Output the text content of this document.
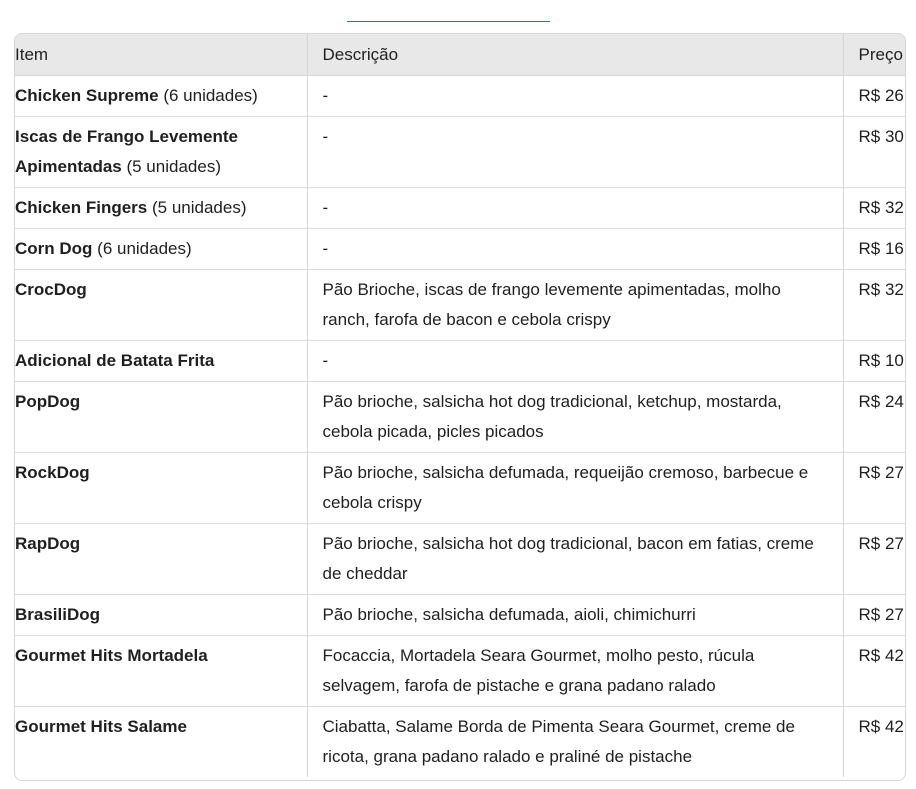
Item	Descrição	Preço
Chicken Supreme (6 unidades)	-	R$ 26
Iscas de Frango Levemente Apimentadas (5 unidades)	-	R$ 30
Chicken Fingers (5 unidades)	-	R$ 32
Corn Dog (6 unidades)	-	R$ 16
CrocDog	Pão Brioche, iscas de frango levemente apimentadas, molho ranch, farofa de bacon e cebola crispy	R$ 32
Adicional de Batata Frita	-	R$ 10
PopDog	Pão brioche, salsicha hot dog tradicional, ketchup, mostarda, cebola picada, picles picados	R$ 24
RockDog	Pão brioche, salsicha defumada, requeijão cremoso, barbecue e cebola crispy	R$ 27
RapDog	Pão brioche, salsicha hot dog tradicional, bacon em fatias, creme de cheddar	R$ 27
BrasiliDog	Pão brioche, salsicha defumada, aioli, chimichurri	R$ 27
Gourmet Hits Mortadela	Focaccia, Mortadela Seara Gourmet, molho pesto, rúcula selvagem, farofa de pistache e grana padano ralado	R$ 42
Gourmet Hits Salame	Ciabatta, Salame Borda de Pimenta Seara Gourmet, creme de ricota, grana padano ralado e praliné de pistache	R$ 42
